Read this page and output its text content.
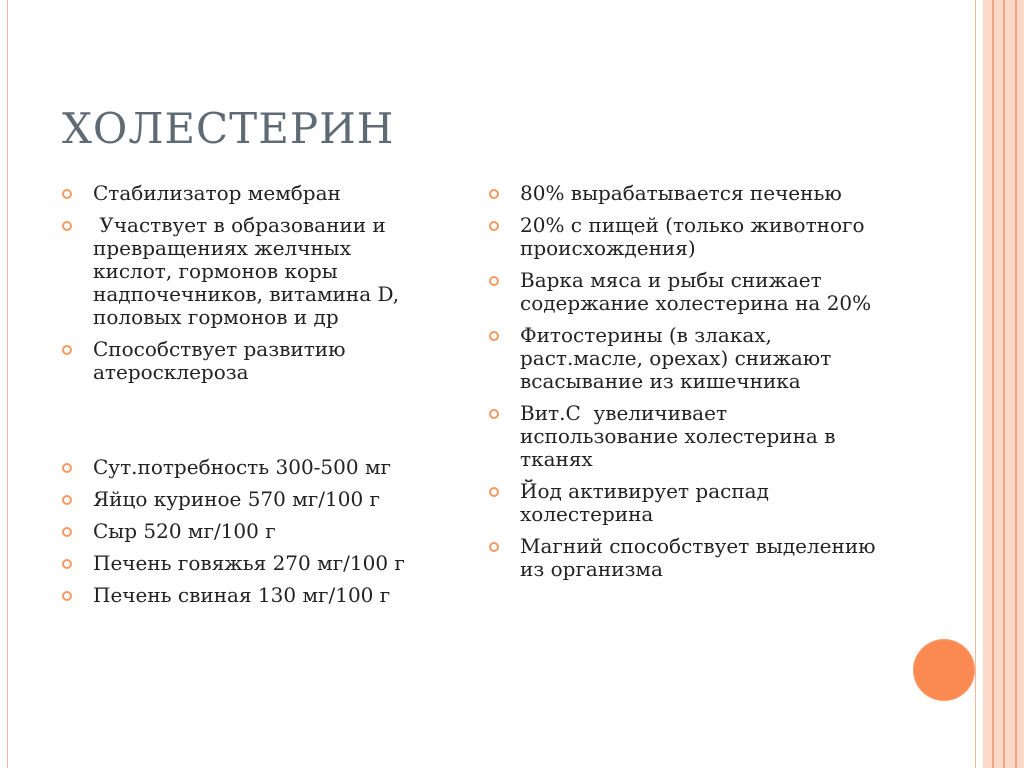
ХОЛЕСТЕРИН
Стабилизатор мембран
Участвует в образовании и превращениях желчных кислот, гормонов коры надпочечников, витамина D, половых гормонов и др
Способствует развитию атеросклероза
Сут.потребность 300-500 мг
Яйцо куриное 570 мг/100 г
Сыр 520 мг/100 г
Печень говяжья 270 мг/100 г
Печень свиная 130 мг/100 г
80% вырабатывается печенью
20% с пищей (только животного происхождения)
Варка мяса и рыбы снижает содержание холестерина на 20%
Фитостерины (в злаках, раст.масле, орехах) снижают всасывание из кишечника
Вит.С  увеличивает использование холестерина в тканях
Йод активирует распад холестерина
Магний способствует выделению из организма
